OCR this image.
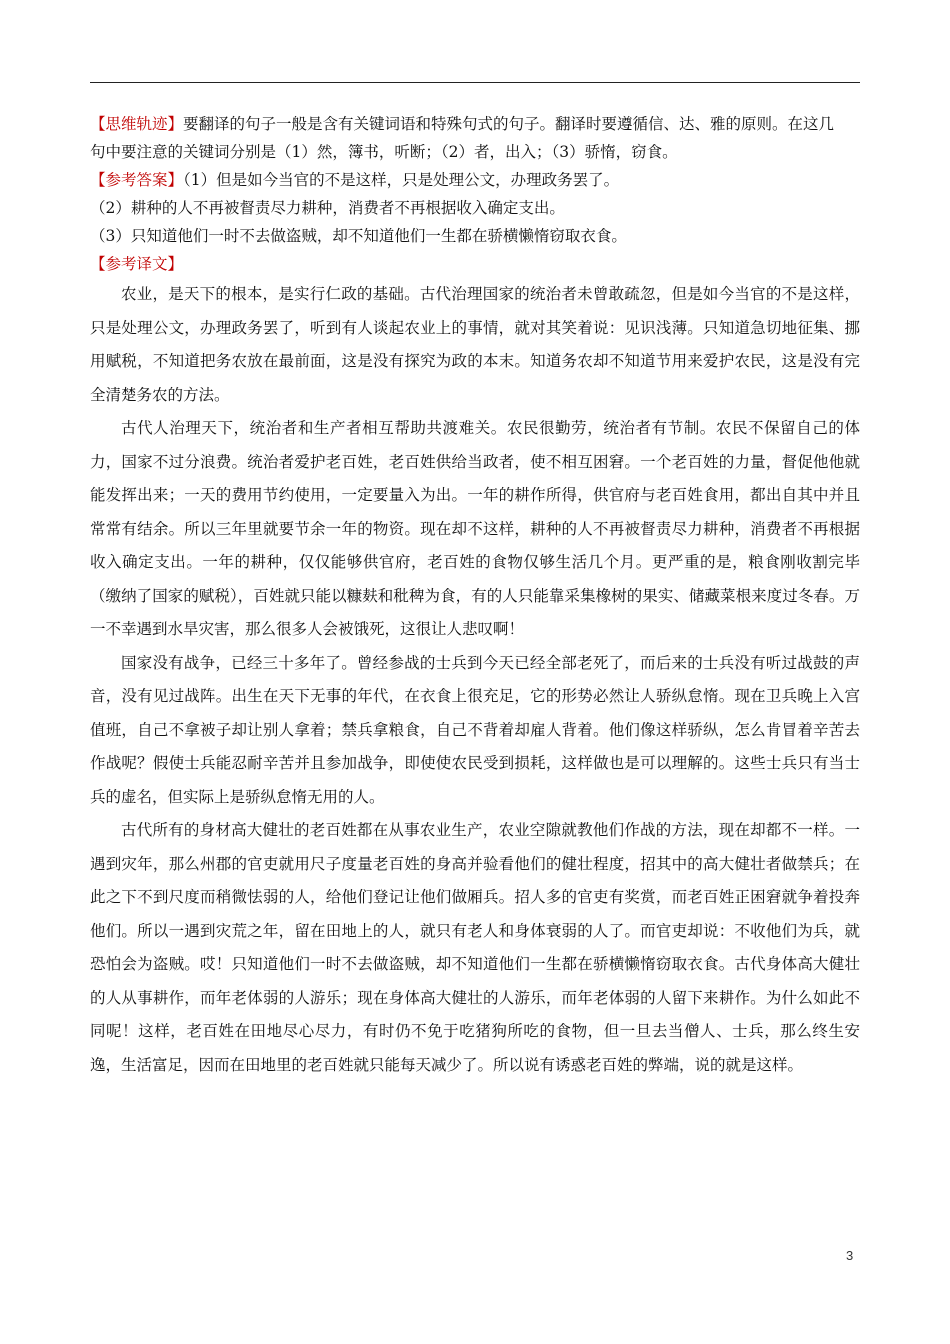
【思维轨迹】要翻译的句子一般是含有关键词语和特殊句式的句子。翻译时要遵循信、达、雅的原则。在这几
句中要注意的关键词分别是（1）然，簿书，听断；（2）者，出入；（3）骄惰，窃食。
【参考答案】（1）但是如今当官的不是这样，只是处理公文，办理政务罢了。
（2）耕种的人不再被督责尽力耕种，消费者不再根据收入确定支出。
（3）只知道他们一时不去做盗贼，却不知道他们一生都在骄横懒惰窃取衣食。
【参考译文】

农业，是天下的根本，是实行仁政的基础。古代治理国家的统治者未曾敢疏忽，但是如今当官的不是这样，只是处理公文，办理政务罢了，听到有人谈起农业上的事情，就对其笑着说：见识浅薄。只知道急切地征集、挪用赋税，不知道把务农放在最前面，这是没有探究为政的本末。知道务农却不知道节用来爱护农民，这是没有完全清楚务农的方法。

古代人治理天下，统治者和生产者相互帮助共渡难关。农民很勤劳，统治者有节制。农民不保留自己的体力，国家不过分浪费。统治者爱护老百姓，老百姓供给当政者，使不相互困窘。一个老百姓的力量，督促他他就能发挥出来；一天的费用节约使用，一定要量入为出。一年的耕作所得，供官府与老百姓食用，都出自其中并且常常有结余。所以三年里就要节余一年的物资。现在却不这样，耕种的人不再被督责尽力耕种，消费者不再根据收入确定支出。一年的耕种，仅仅能够供官府，老百姓的食物仅够生活几个月。更严重的是，粮食刚收割完毕（缴纳了国家的赋税），百姓就只能以糠麸和秕稗为食，有的人只能靠采集橡树的果实、储藏菜根来度过冬春。万一不幸遇到水旱灾害，那么很多人会被饿死，这很让人悲叹啊！

国家没有战争，已经三十多年了。曾经参战的士兵到今天已经全部老死了，而后来的士兵没有听过战鼓的声音，没有见过战阵。出生在天下无事的年代，在衣食上很充足，它的形势必然让人骄纵怠惰。现在卫兵晚上入宫值班，自己不拿被子却让别人拿着；禁兵拿粮食，自己不背着却雇人背着。他们像这样骄纵，怎么肯冒着辛苦去作战呢？假使士兵能忍耐辛苦并且参加战争，即使使农民受到损耗，这样做也是可以理解的。这些士兵只有当士兵的虚名，但实际上是骄纵怠惰无用的人。

古代所有的身材高大健壮的老百姓都在从事农业生产，农业空隙就教他们作战的方法，现在却都不一样。一遇到灾年，那么州郡的官吏就用尺子度量老百姓的身高并验看他们的健壮程度，招其中的高大健壮者做禁兵；在此之下不到尺度而稍微怯弱的人，给他们登记让他们做厢兵。招人多的官吏有奖赏，而老百姓正困窘就争着投奔他们。所以一遇到灾荒之年，留在田地上的人，就只有老人和身体衰弱的人了。而官吏却说：不收他们为兵，就恐怕会为盗贼。哎！只知道他们一时不去做盗贼，却不知道他们一生都在骄横懒惰窃取衣食。古代身体高大健壮的人从事耕作，而年老体弱的人游乐；现在身体高大健壮的人游乐，而年老体弱的人留下来耕作。为什么如此不同呢！这样，老百姓在田地尽心尽力，有时仍不免于吃猪狗所吃的食物，但一旦去当僧人、士兵，那么终生安逸，生活富足，因而在田地里的老百姓就只能每天减少了。所以说有诱惑老百姓的弊端，说的就是这样。

3
